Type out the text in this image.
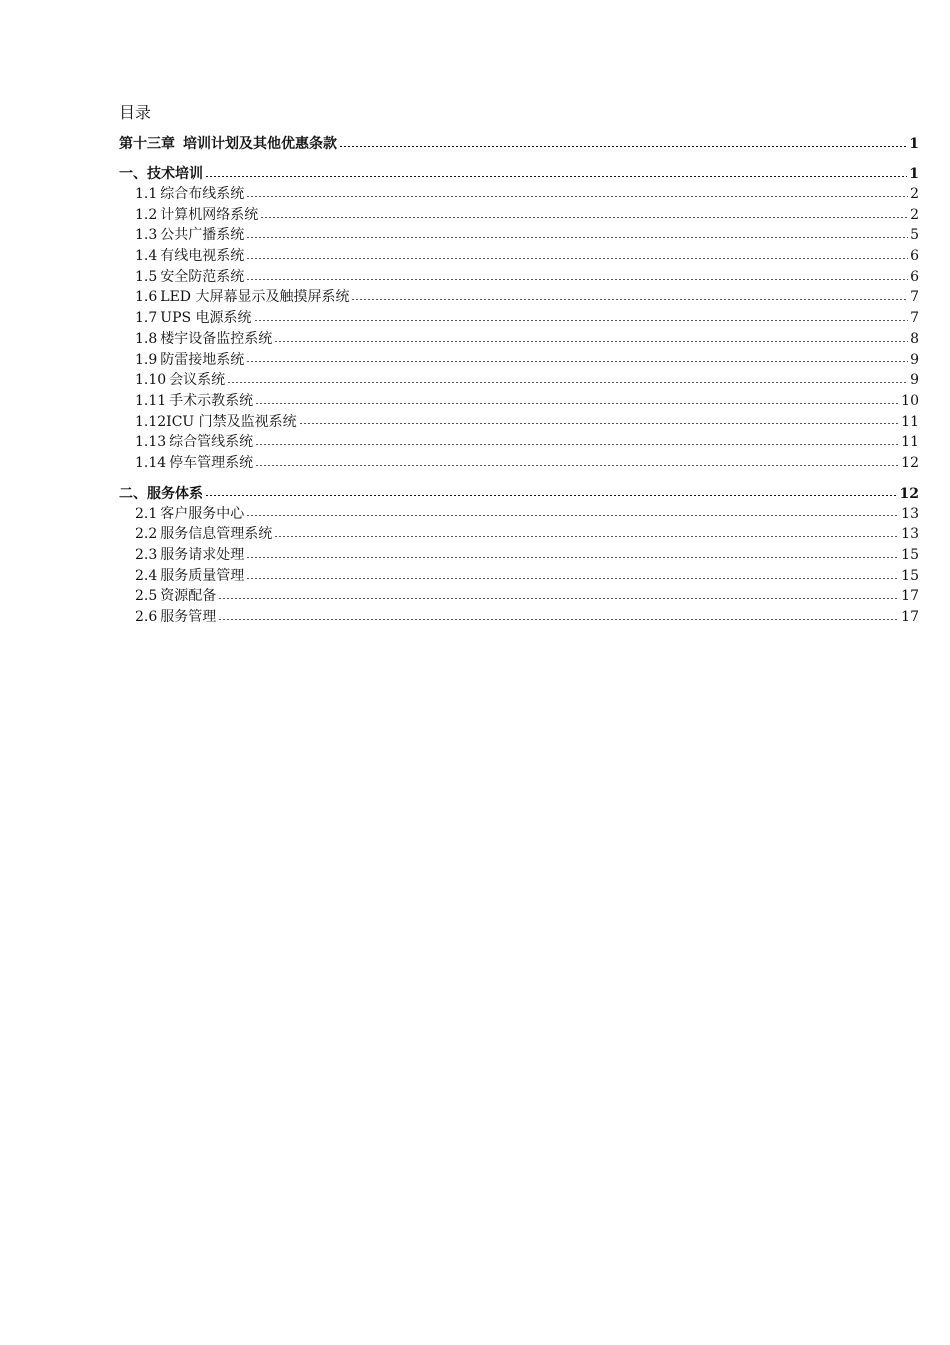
目录
第十三章 培训计划及其他优惠条款	1
一、 技术培训	1
1.1 综合布线系统	2
1.2 计算机网络系统	2
1.3 公共广播系统	5
1.4 有线电视系统	6
1.5 安全防范系统	6
1.6 LED 大屏幕显示及触摸屏系统	7
1.7 UPS 电源系统	7
1.8 楼宇设备监控系统	8
1.9 防雷接地系统	9
1.10 会议系统	9
1.11 手术示教系统	10
1.12 ICU 门禁及监视系统	11
1.13 综合管线系统	11
1.14 停车管理系统	12
二、 服务体系	12
2.1 客户服务中心	13
2.2 服务信息管理系统	13
2.3 服务请求处理	15
2.4 服务质量管理	15
2.5 资源配备	17
2.6 服务管理	17
